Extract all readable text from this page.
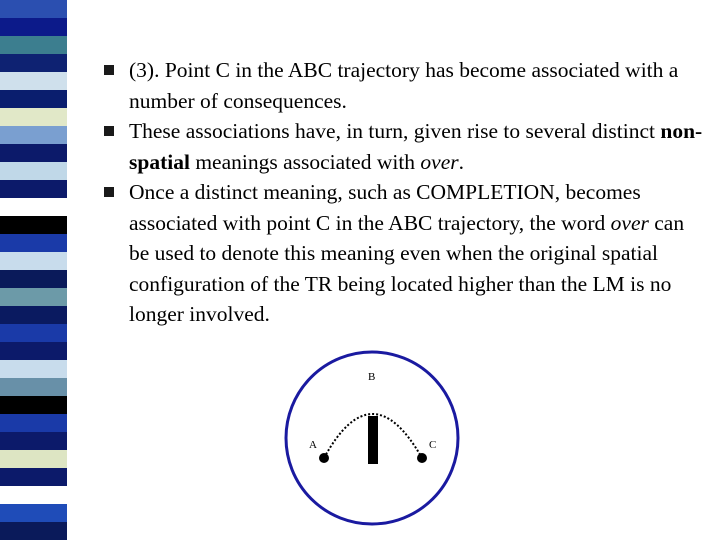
(3). Point C in the ABC trajectory has become associated with a number of consequences.
These associations have, in turn, given rise to several distinct non-spatial meanings associated with over.
Once a distinct meaning, such as COMPLETION, becomes associated with point C in the ABC trajectory, the word over can be used to denote this meaning even when the original spatial configuration of the TR being located higher than the LM is no longer involved.
B
A	C
